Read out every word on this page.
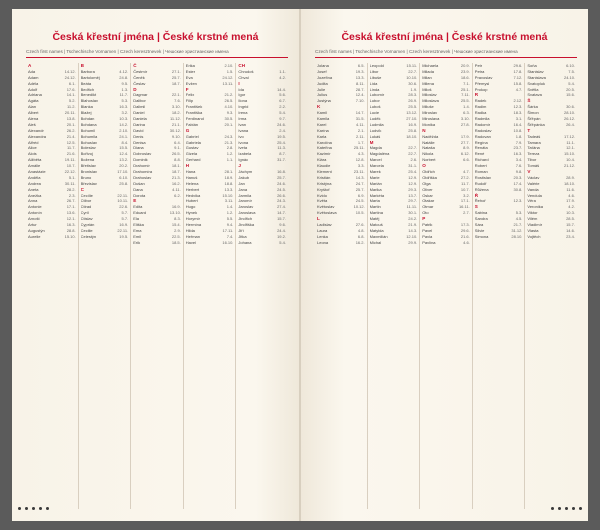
Česká křestní jména | České krstné mená
Czech first names | Tschechische Vornamen | Czech keresztnevek | Чешские христианские имена
A
Ada	14.12.
Adam	24.12.
Adéla	6.1.
Adolf	17.6.
Adriana	14.1.
Agáta	5.2.
Alan	11.2.
Albert	20.11.
Alena	13.8.
Aleš	20.1.
Alexandr	26.2.
Alexandra	21.4.
Alfréd	12.5.
Alice	11.7.
Alois	21.6.
Alžběta	19.11.
Amálie	10.7.
Anastázie	22.12.
Anděla	5.1.
Andrea	30.11.
Aneta	28.2.
Anežka	2.3.
Anna	26.7.
Antonie	17.1.
Antonín	13.6.
Arnošt	12.1.
Artur	16.3.
Augustýn	28.8.
Aurelie	15.10.
B
Barbora	4.12.
Bartoloměj	24.8.
Beáta	9.5.
Bedřich	1.3.
Benedikt	11.7.
Blahoslav	5.3.
Blanka	16.3.
Blažej	3.2.
Bohdan	10.3.
Bohdana	14.2.
Bohumil	2.10.
Bohumila	24.1.
Bohuslav	8.4.
Boleslav	15.5.
Bořivoj	12.4.
Božena	13.2.
Břetislav	20.2.
Bronislav	17.10.
Bruno	6.10.
Březislav	25.8.
C
Cecílie	22.11.
Ctibor	10.11.
Ctirad	22.6.
Cyril	5.7.
Ctislav	5.7.
Cyprián	16.9.
Cecilie	22.11.
Celestýn	19.5.
Č
Čestmír	27.1.
Čeněk	25.7.
Česlav	18.7.
D
Dagmar	22.1.
Dalibor	7.6.
Dalimil	3.10.
Daniel	18.2.
Daniela	11.12.
Darina	21.1.
David	30.12.
Denis	9.10.
Denisa	6.4.
Diana	9.1.
Dobroslav	26.5.
Dominik	8.8.
Drahomír	18.1.
Drahomíra	18.7.
Drahoslav	21.3.
Dušan	16.2.
Dana	4.11.
Dorota	6.2.
E
Edita	16.9.
Eduard	13.10.
Ela	8.3.
Eliška	15.4.
Ema	2.9.
Emil	22.5.
Erik	18.5.
Erika	2.10.
Ester	1.5.
Eva	24.12.
Evžen	13.11.
F
Felix	21.2.
Filip	26.5.
František	4.10.
Františka	9.3.
Ferdinand	30.5.
Fabián	20.1.
G
Gabriel	24.3.
Gabriela	21.3.
Gustav	2.8.
Gizela	1.2.
Gerhard	1.1.
H
Hana	28.1.
Hanuš	18.9.
Helena	18.8.
Herbert	13.3.
Hedvika	15.10.
Hubert	3.11.
Hugo	1.4.
Hynek	1.2.
Horymír	5.5.
Hermína	9.4.
Hilda	17.11.
Heřman	7.4.
Havel	16.10.
CH
Chrudoš	1.1.
Chval	4.2.
I
Ida	14.4.
Igor	5.6.
Ilona	6.7.
Ingrid	2.2.
Irena	5.4.
Irma	9.7.
Ivan	24.6.
Ivana	2.4.
Ivo	19.5.
Ivona	25.4.
Iveta	11.3.
Izabela	8.7.
Ignác	31.7.
J
Jáchym	16.8.
Jakub	25.7.
Jan	24.6.
Jana	24.5.
Jarmila	26.6.
Jaromír	24.3.
Jaroslav	27.4.
Jaroslava	14.7.
Jindřich	15.7.
Jindřiška	9.6.
Jiří	24.4.
Jitka	19.2.
Johana	5.4.
Česká křestní jména | České krstné mená
Czech first names | Tschechische Vornamen | Czech keresztnevek | Чешские христианские имена
Jolana	6.5.
Josef	19.3.
Jozefína	13.3.
Judita	8.11.
Julie	28.7.
Julius	12.4.
Justýna	7.10.
K
Kamil	14.7.
Kamila	31.5.
Karel	4.11.
Karína	2.1.
Karla	2.11.
Karolína	1.7.
Kateřina	25.11.
Kazimír	4.3.
Klára	12.8.
Klaudie	3.3.
Klement	23.11.
Kristián	14.3.
Kristýna	24.7.
Kryštof	25.7.
Kvido	6.9.
Květa	24.5.
Květoslav	10.12.
Květoslava	10.5.
L
Ladislav	27.6.
Laura	4.8.
Lenka	6.8.
Leona	16.2.
Leopold	15.11.
Libor	22.7.
Libuše	10.10.
Lída	30.6.
Linda	1.9.
Lubomír	28.3.
Lubor	26.9.
Luboš	25.5.
Lucie	13.12.
Luděk	27.10.
Ludmila	16.9.
Ludvík	25.8.
Lukáš	18.10.
M
Magda	22.7.
Magdaléna	22.7.
Marcel	2.6.
Marcela	31.1.
Marek	25.4.
Marie	12.9.
Marián	12.9.
Marika	29.3.
Markéta	13.7.
Marta	29.7.
Martin	11.11.
Martina	30.1.
Matěj	24.2.
Matouš	21.9.
Matylda	14.3.
Maxmilián	12.10.
Michal	29.9.
Michaela	20.9.
Milada	23.9.
Milan	18.6.
Milena	7.1.
Miloš	25.1.
Miloslav	7.11.
Miloslava	25.5.
Miluše	1.4.
Miroslav	6.3.
Miroslava	3.10.
Monika	27.8.
N
Naděžda	17.9.
Natálie	27.7.
Nataša	8.9.
Nikola	6.12.
Norbert	6.6.
O
Oldřich	4.7.
Oldřiška	27.2.
Olga	11.7.
Oliver	10.7.
Oskar	3.2.
Otakar	17.1.
Otmar	16.11.
Oto	2.7.
P
Patrik	17.3.
Pavel	29.6.
Pavla	21.6.
Pavlína	4.6.
Petr	29.6.
Petra	17.8.
Pravoslav	7.12.
Přemysl	15.8.
Prokop	4.7.
R
Radek	2.12.
Radim	12.3.
Radka	18.3.
Radmila	3.1.
Radomír	16.4.
Radoslav	10.8.
Radovan	1.8.
Regína	7.9.
Renáta	23.7.
René	16.3.
Richard	3.4.
Robert	7.6.
Roman	9.8.
Rostislav	20.3.
Rudolf	17.4.
Růžena	30.8.
Ř
Řehoř	12.3.
S
Sabina	5.3.
Sandra	4.5.
Sára	21.7.
Silvie	31.12.
Simona	28.10.
Soňa	6.10.
Stanislav	7.5.
Stanislava	24.10.
Svatopluk	5.4.
Světla	20.5.
Svatava	15.6.
Š
Šárka	30.6.
Šimon	28.10.
Šťěpán	26.12.
Šťěpánka	26.4.
T
Tadeáš	17.12.
Tamara	11.1.
Taťána	12.1.
Tereza	15.10.
Tibor	10.4.
Tomáš	21.12.
V
Václav	28.9.
Valérie	18.10.
Vanda	11.6.
Vendula	4.6.
Věra	17.9.
Veronika	4.2.
Viktor	10.3.
Vilém	28.5.
Vladimír	15.7.
Vlasta	14.6.
Vojtěch	23.4.
